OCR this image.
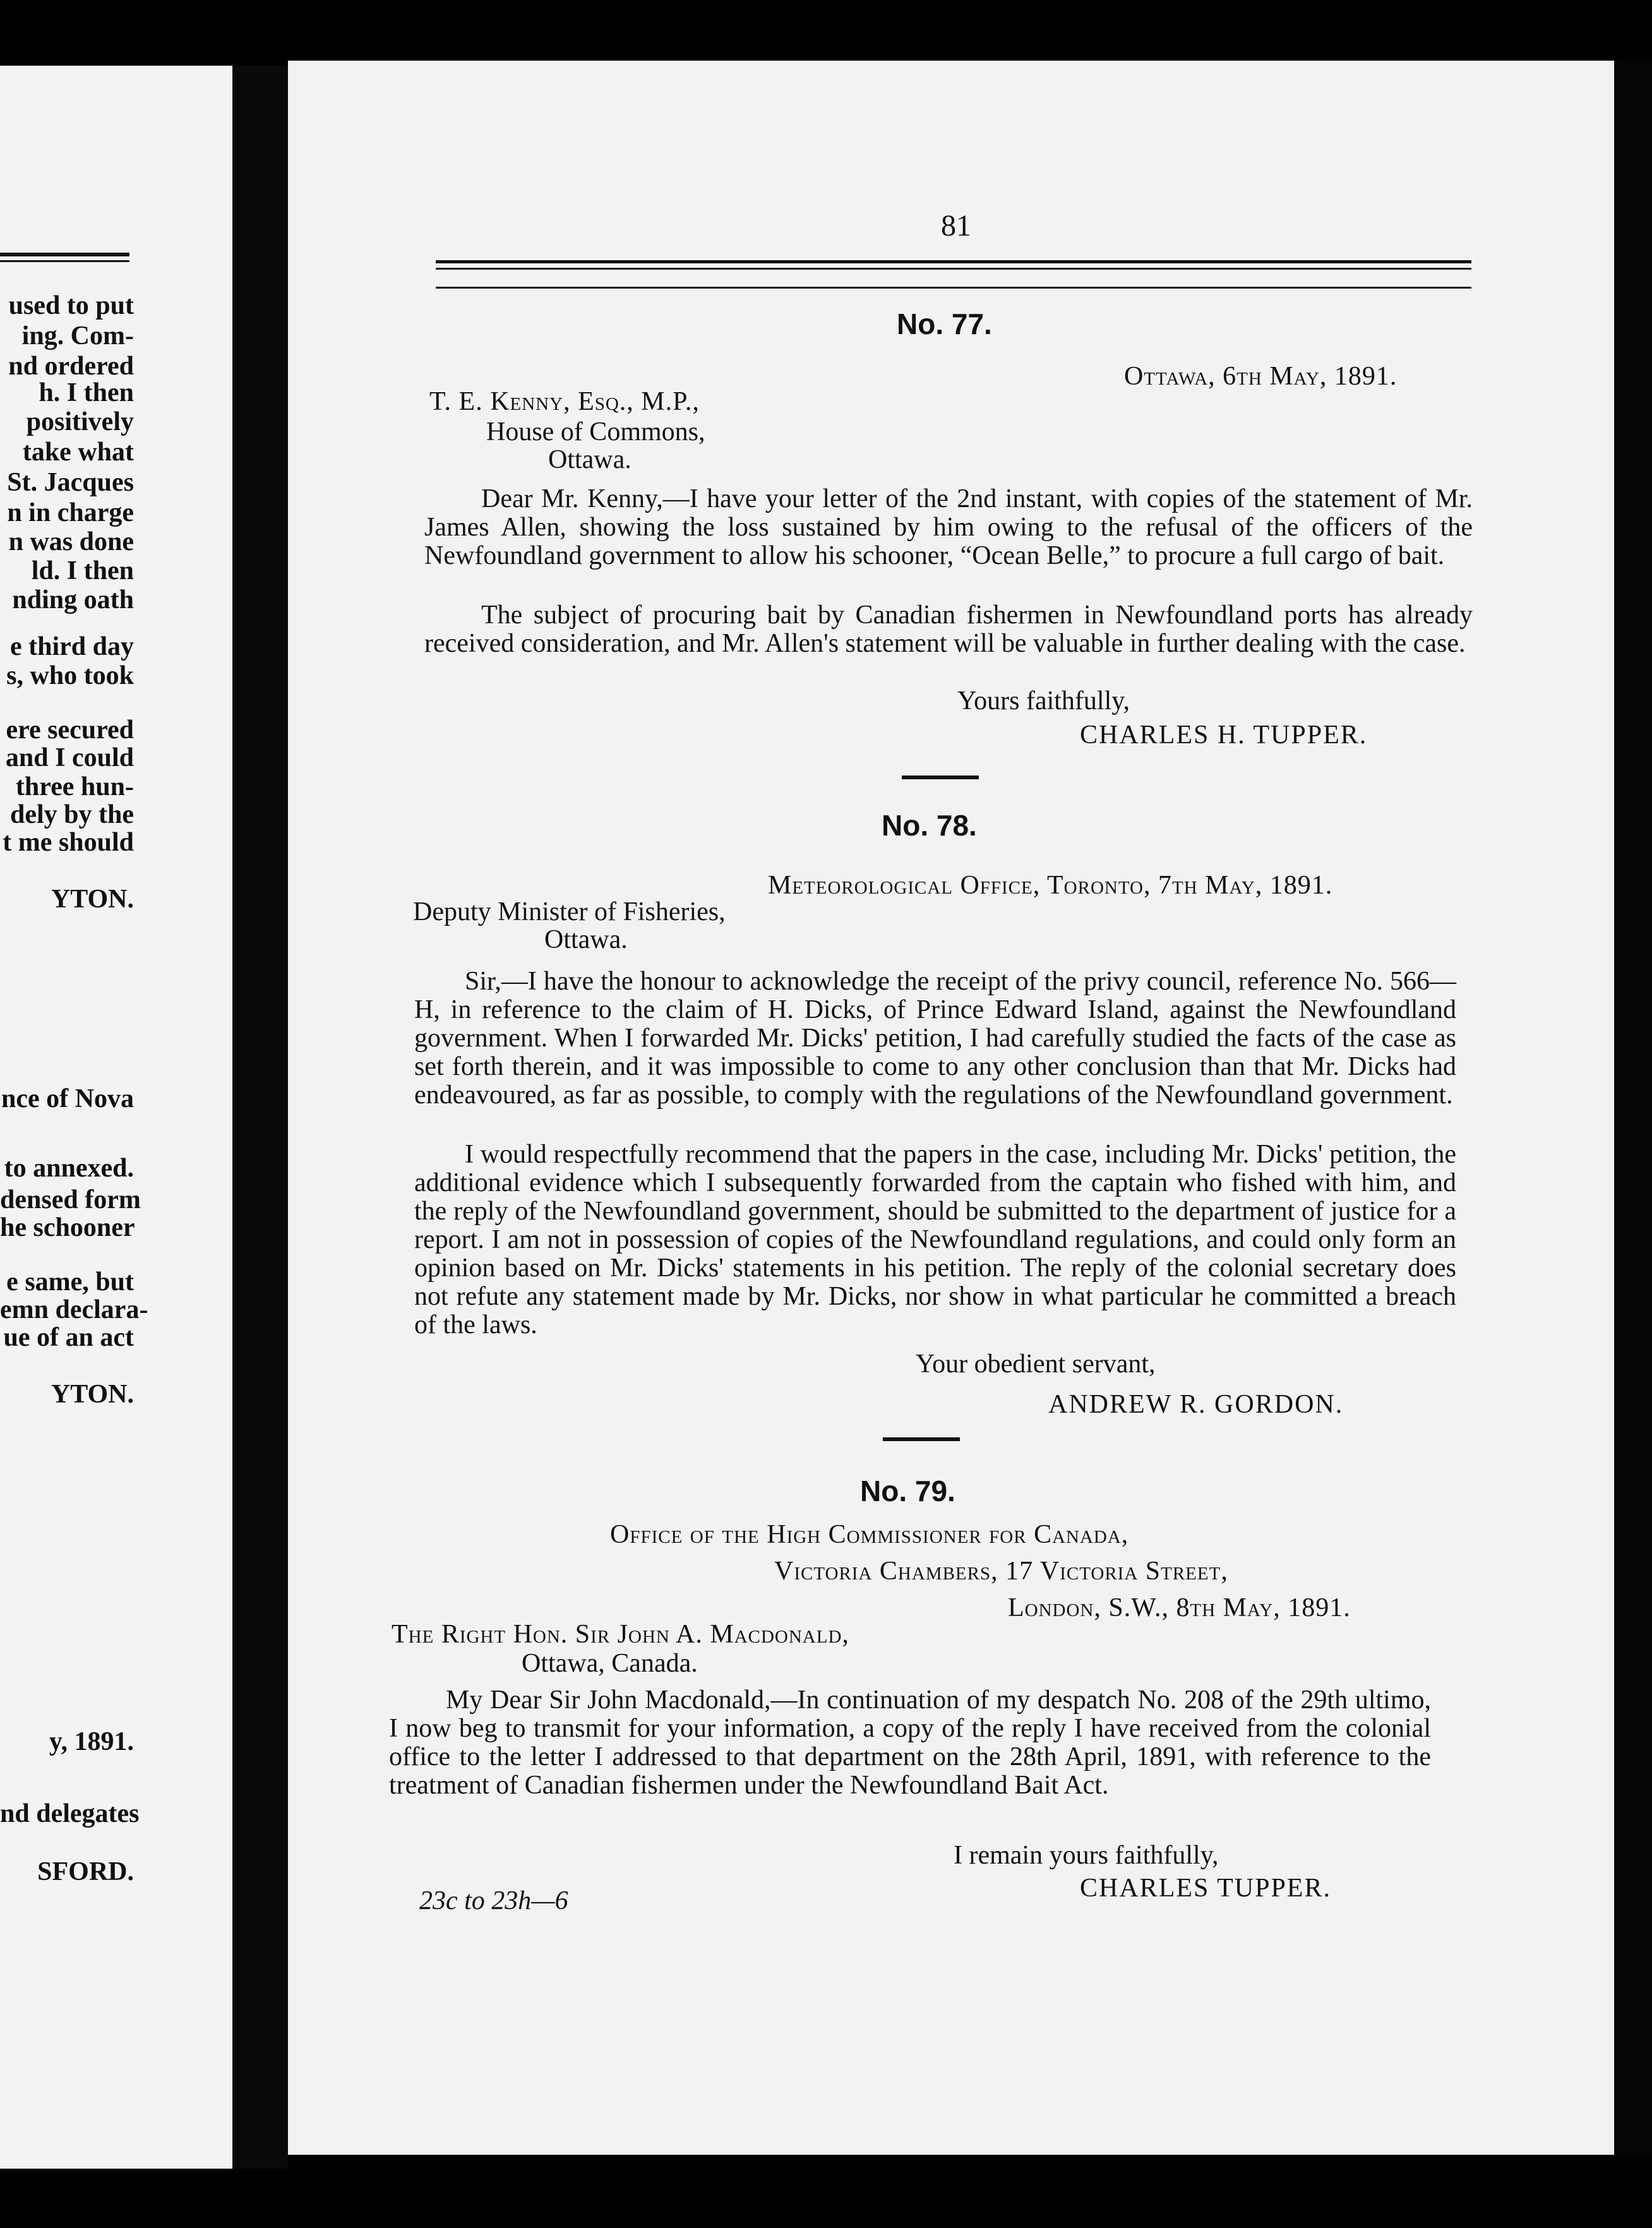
used to put
ing. Com-
nd ordered
h. I then
positively
take what
St. Jacques
n in charge
n was done
ld. I then
nding oath
e third day
s, who took
ere secured
and I could
three hun-
dely by the
t me should
YTON.
nce of Nova
to annexed.
densed form
he schooner
e same, but
emn declara-
ue of an act
YTON.
y, 1891.
nd delegates
SFORD.
81
No. 77.
Ottawa, 6th May, 1891.
T. E. Kenny, Esq., M.P.,
House of Commons,
Ottawa.
Dear Mr. Kenny,—I have your letter of the 2nd instant, with copies of the statement of Mr. James Allen, showing the loss sustained by him owing to the refusal of the officers of the Newfoundland government to allow his schooner, “Ocean Belle,” to procure a full cargo of bait.
The subject of procuring bait by Canadian fishermen in Newfoundland ports has already received consideration, and Mr. Allen's statement will be valuable in further dealing with the case.
Yours faithfully,
CHARLES H. TUPPER.
No. 78.
Meteorological Office, Toronto, 7th May, 1891.
Deputy Minister of Fisheries,
Ottawa.
Sir,—I have the honour to acknowledge the receipt of the privy council, reference No. 566—H, in reference to the claim of H. Dicks, of Prince Edward Island, against the Newfoundland government. When I forwarded Mr. Dicks' petition, I had carefully studied the facts of the case as set forth therein, and it was impossible to come to any other conclusion than that Mr. Dicks had endeavoured, as far as possible, to comply with the regulations of the Newfoundland government.
I would respectfully recommend that the papers in the case, including Mr. Dicks' petition, the additional evidence which I subsequently forwarded from the captain who fished with him, and the reply of the Newfoundland government, should be submitted to the department of justice for a report. I am not in possession of copies of the Newfoundland regulations, and could only form an opinion based on Mr. Dicks' statements in his petition. The reply of the colonial secretary does not refute any statement made by Mr. Dicks, nor show in what particular he committed a breach of the laws.
Your obedient servant,
ANDREW R. GORDON.
No. 79.
Office of the High Commissioner for Canada,
Victoria Chambers, 17 Victoria Street,
London, S.W., 8th May, 1891.
The Right Hon. Sir John A. Macdonald,
Ottawa, Canada.
My Dear Sir John Macdonald,—In continuation of my despatch No. 208 of the 29th ultimo, I now beg to transmit for your information, a copy of the reply I have received from the colonial office to the letter I addressed to that department on the 28th April, 1891, with reference to the treatment of Canadian fishermen under the Newfoundland Bait Act.
I remain yours faithfully,
CHARLES TUPPER.
23c to 23h—6
